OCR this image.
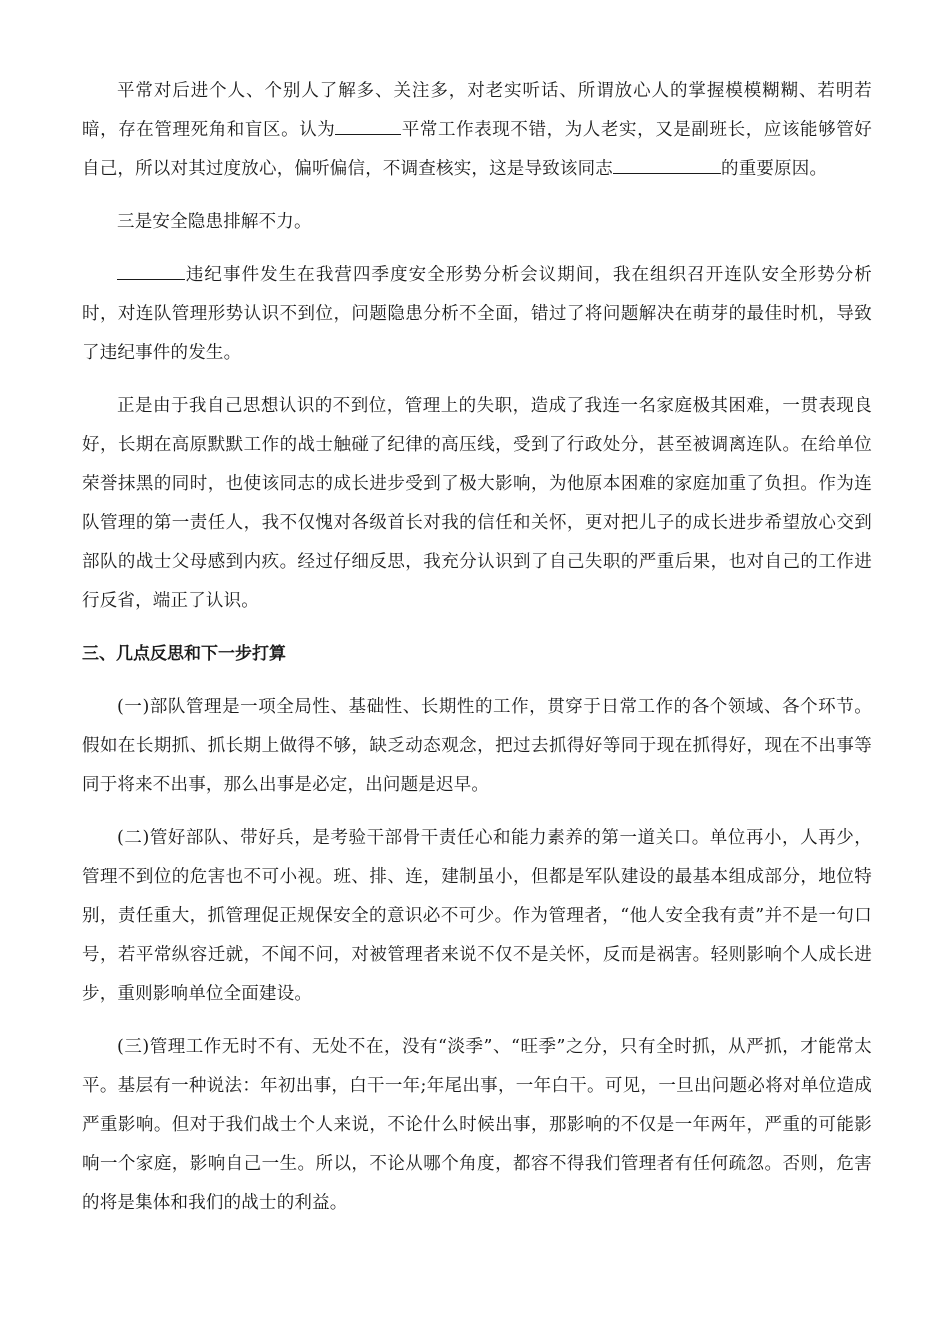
平常对后进个人、个别人了解多、关注多，对老实听话、所谓放心人的掌握模模糊糊、若明若暗，存在管理死角和盲区。认为	平常工作表现不错，为人老实，又是副班长，应该能够管好自己，所以对其过度放心，偏听偏信，不调查核实，这是导致该同志	的重要原因。

三是安全隐患排解不力。

违纪事件发生在我营四季度安全形势分析会议期间，我在组织召开连队安全形势分析时，对连队管理形势认识不到位，问题隐患分析不全面，错过了将问题解决在萌芽的最佳时机，导致了违纪事件的发生。

正是由于我自己思想认识的不到位，管理上的失职，造成了我连一名家庭极其困难，一贯表现良好，长期在高原默默工作的战士触碰了纪律的高压线，受到了行政处分，甚至被调离连队。在给单位荣誉抹黑的同时，也使该同志的成长进步受到了极大影响，为他原本困难的家庭加重了负担。作为连队管理的第一责任人，我不仅愧对各级首长对我的信任和关怀，更对把儿子的成长进步希望放心交到部队的战士父母感到内疚。经过仔细反思，我充分认识到了自己失职的严重后果，也对自己的工作进行反省，端正了认识。

三、几点反思和下一步打算

(一)部队管理是一项全局性、基础性、长期性的工作，贯穿于日常工作的各个领域、各个环节。假如在长期抓、抓长期上做得不够，缺乏动态观念，把过去抓得好等同于现在抓得好，现在不出事等同于将来不出事，那么出事是必定，出问题是迟早。

(二)管好部队、带好兵，是考验干部骨干责任心和能力素养的第一道关口。单位再小，人再少，管理不到位的危害也不可小视。班、排、连，建制虽小，但都是军队建设的最基本组成部分，地位特别，责任重大，抓管理促正规保安全的意识必不可少。作为管理者，“他人安全我有责”并不是一句口号，若平常纵容迁就，不闻不问，对被管理者来说不仅不是关怀，反而是祸害。轻则影响个人成长进步，重则影响单位全面建设。

(三)管理工作无时不有、无处不在，没有“淡季”、“旺季”之分，只有全时抓，从严抓，才能常太平。基层有一种说法：年初出事，白干一年;年尾出事，一年白干。可见，一旦出问题必将对单位造成严重影响。但对于我们战士个人来说，不论什么时候出事，那影响的不仅是一年两年，严重的可能影响一个家庭，影响自己一生。所以，不论从哪个角度，都容不得我们管理者有任何疏忽。否则，危害的将是集体和我们的战士的利益。
